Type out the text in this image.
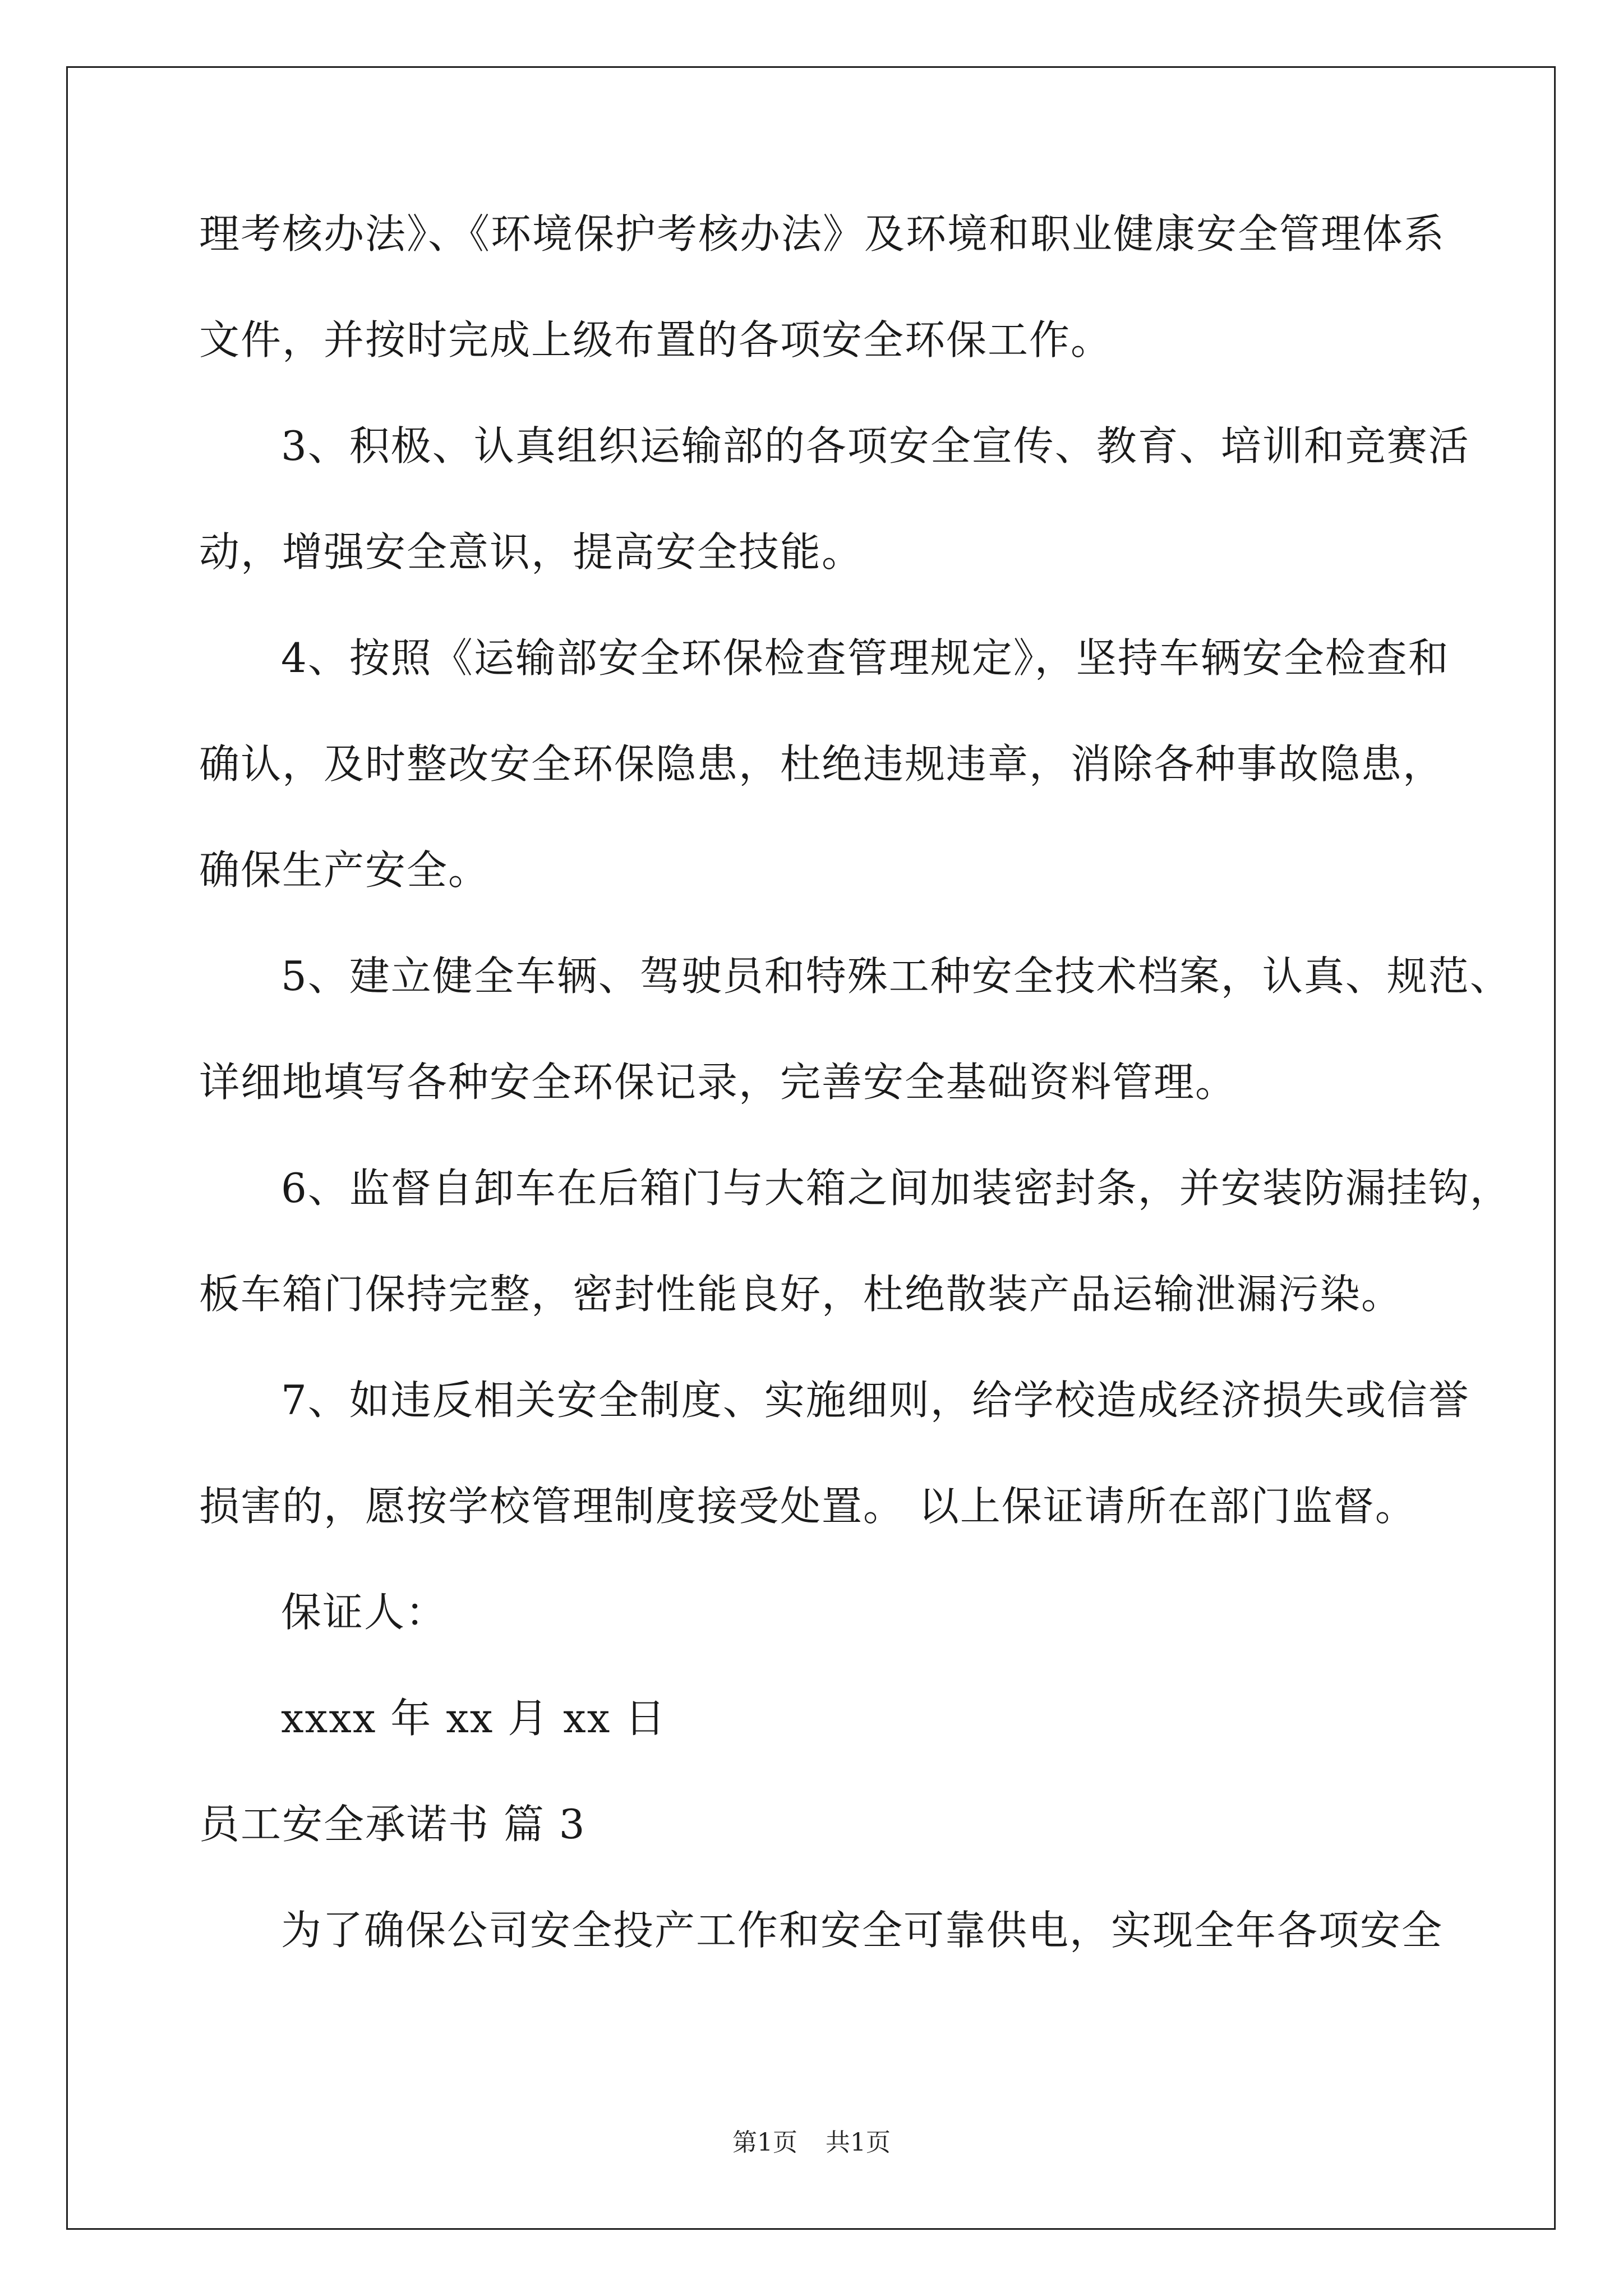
理考核办法》、《环境保护考核办法》及环境和职业健康安全管理体系
文件，并按时完成上级布置的各项安全环保工作。
3、积极、认真组织运输部的各项安全宣传、教育、培训和竞赛活
动，增强安全意识，提高安全技能。
4、按照《运输部安全环保检查管理规定》，坚持车辆安全检查和
确认，及时整改安全环保隐患，杜绝违规违章，消除各种事故隐患，
确保生产安全。
5、建立健全车辆、驾驶员和特殊工种安全技术档案，认真、规范、
详细地填写各种安全环保记录，完善安全基础资料管理。
6、监督自卸车在后箱门与大箱之间加装密封条，并安装防漏挂钩，
板车箱门保持完整，密封性能良好，杜绝散装产品运输泄漏污染。
7、如违反相关安全制度、实施细则，给学校造成经济损失或信誉
损害的，愿按学校管理制度接受处置。 以上保证请所在部门监督。
保证人：
xxxx 年 xx 月 xx 日
员工安全承诺书 篇 3
为了确保公司安全投产工作和安全可靠供电，实现全年各项安全
第1页 共1页
